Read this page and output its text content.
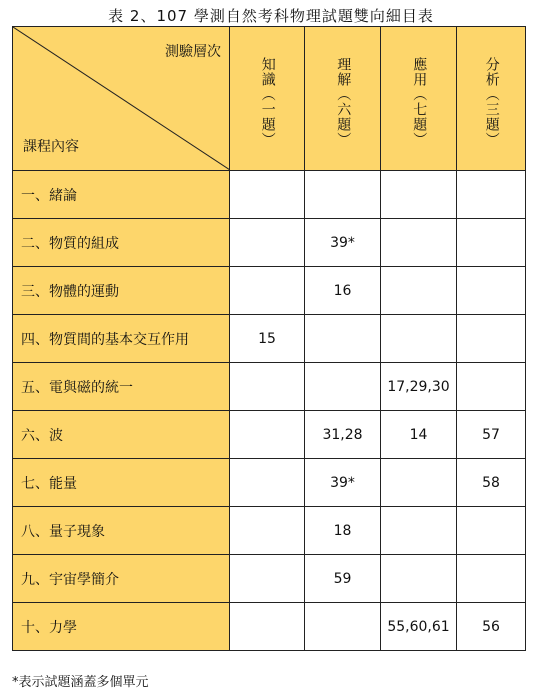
表 2、107 學測自然考科物理試題雙向細目表
測驗層次
課程內容	知識（一題）	理解（六題）	應用（七題）	分析（三題）
一、緒論				
二、物質的組成		39*		
三、物體的運動		16		
四、物質間的基本交互作用	15			
五、電與磁的統一			17,29,30	
六、波		31,28	14	57
七、能量		39*		58
八、量子現象		18		
九、宇宙學簡介		59		
十、力學			55,60,61	56
*表示試題涵蓋多個單元
